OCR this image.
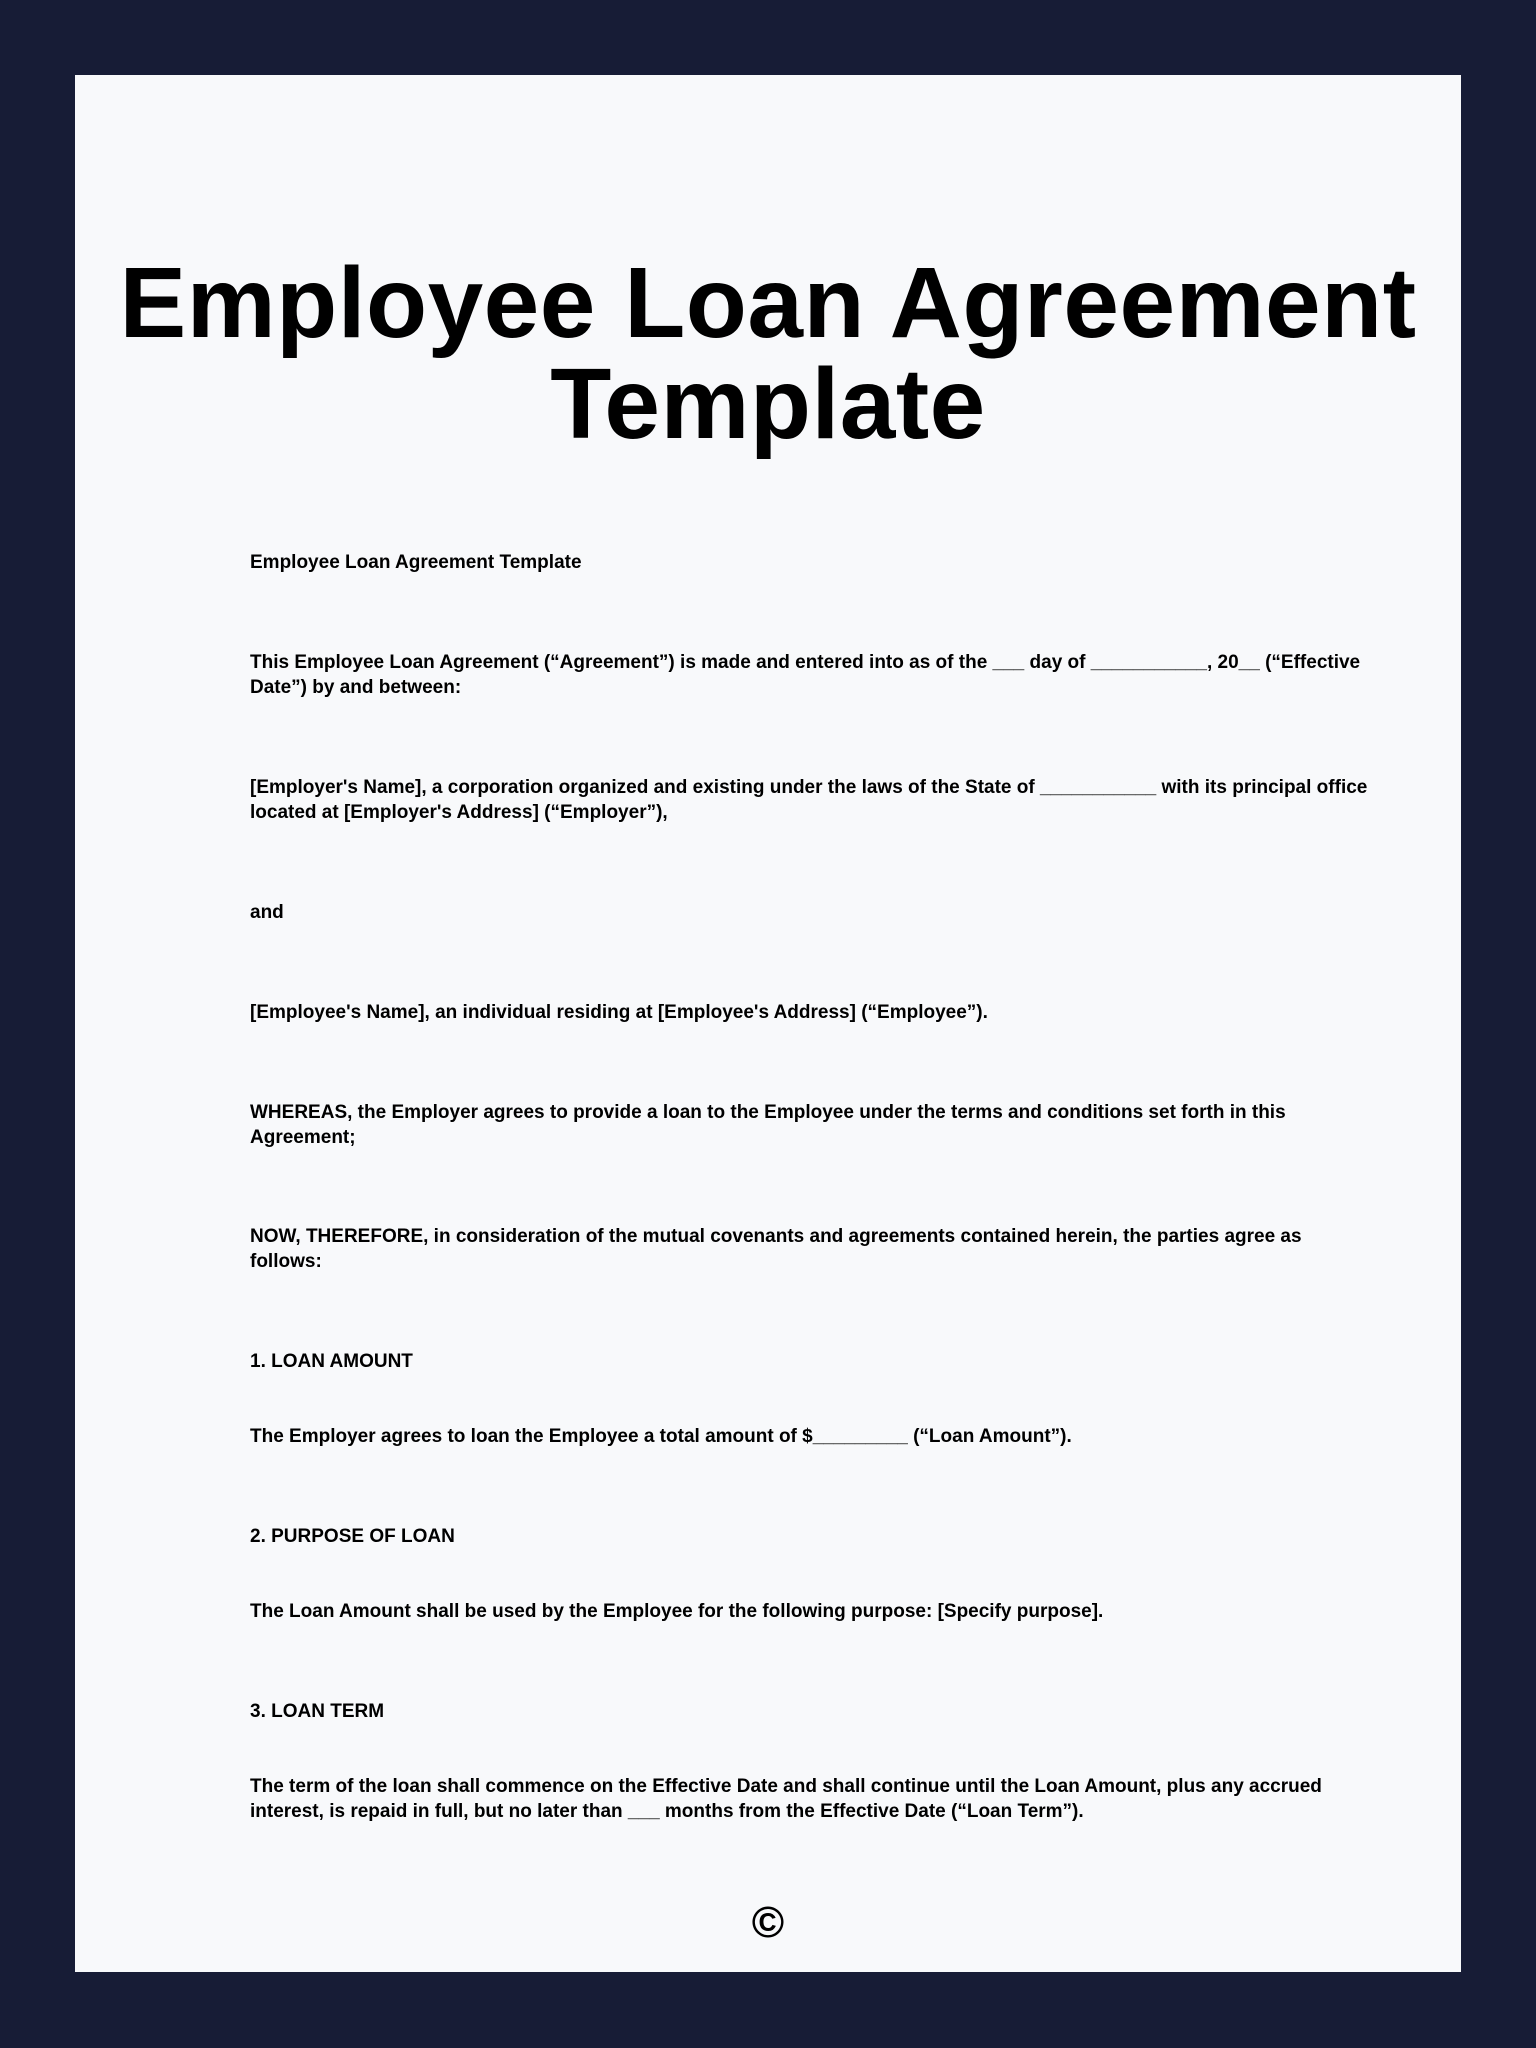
Employee Loan Agreement
Template

Employee Loan Agreement Template

This Employee Loan Agreement (“Agreement”) is made and entered into as of the ___ day of ___________, 20__ (“Effective Date”) by and between:

[Employer's Name], a corporation organized and existing under the laws of the State of ___________ with its principal office located at [Employer's Address] (“Employer”),

and

[Employee's Name], an individual residing at [Employee's Address] (“Employee”).

WHEREAS, the Employer agrees to provide a loan to the Employee under the terms and conditions set forth in this Agreement;

NOW, THEREFORE, in consideration of the mutual covenants and agreements contained herein, the parties agree as follows:

1. LOAN AMOUNT

The Employer agrees to loan the Employee a total amount of $_________ (“Loan Amount”).

2. PURPOSE OF LOAN

The Loan Amount shall be used by the Employee for the following purpose: [Specify purpose].

3. LOAN TERM

The term of the loan shall commence on the Effective Date and shall continue until the Loan Amount, plus any accrued interest, is repaid in full, but no later than ___ months from the Effective Date (“Loan Term”).

©
